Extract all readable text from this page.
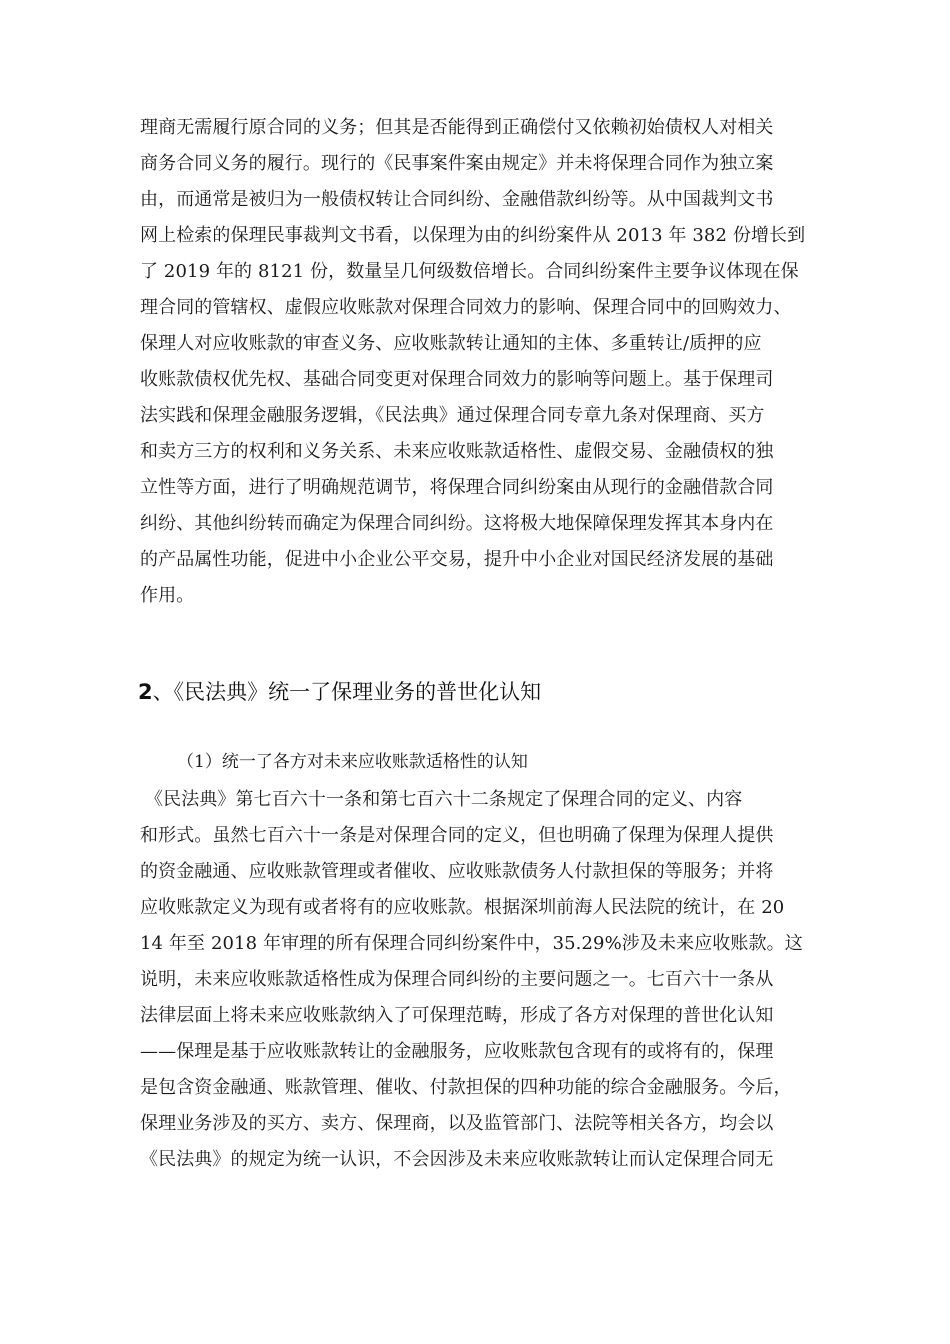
理商无需履行原合同的义务；但其是否能得到正确偿付又依赖初始债权人对相关
商务合同义务的履行。现行的《民事案件案由规定》并未将保理合同作为独立案
由，而通常是被归为一般债权转让合同纠纷、金融借款纠纷等。从中国裁判文书
网上检索的保理民事裁判文书看，以保理为由的纠纷案件从 2013 年 382 份增长到
了 2019 年的 8121 份，数量呈几何级数倍增长。合同纠纷案件主要争议体现在保
理合同的管辖权、虚假应收账款对保理合同效力的影响、保理合同中的回购效力、
保理人对应收账款的审查义务、应收账款转让通知的主体、多重转让/质押的应
收账款债权优先权、基础合同变更对保理合同效力的影响等问题上。基于保理司
法实践和保理金融服务逻辑，《民法典》通过保理合同专章九条对保理商、买方
和卖方三方的权利和义务关系、未来应收账款适格性、虚假交易、金融债权的独
立性等方面，进行了明确规范调节，将保理合同纠纷案由从现行的金融借款合同
纠纷、其他纠纷转而确定为保理合同纠纷。这将极大地保障保理发挥其本身内在
的产品属性功能，促进中小企业公平交易，提升中小企业对国民经济发展的基础
作用。
2、《民法典》统一了保理业务的普世化认知
（1）统一了各方对未来应收账款适格性的认知
《民法典》第七百六十一条和第七百六十二条规定了保理合同的定义、内容
和形式。虽然七百六十一条是对保理合同的定义，但也明确了保理为保理人提供
的资金融通、应收账款管理或者催收、应收账款债务人付款担保的等服务；并将
应收账款定义为现有或者将有的应收账款。根据深圳前海人民法院的统计，在 20
14 年至 2018 年审理的所有保理合同纠纷案件中，35.29%涉及未来应收账款。这
说明，未来应收账款适格性成为保理合同纠纷的主要问题之一。七百六十一条从
法律层面上将未来应收账款纳入了可保理范畴，形成了各方对保理的普世化认知
——保理是基于应收账款转让的金融服务，应收账款包含现有的或将有的，保理
是包含资金融通、账款管理、催收、付款担保的四种功能的综合金融服务。今后，
保理业务涉及的买方、卖方、保理商，以及监管部门、法院等相关各方，均会以
《民法典》的规定为统一认识，不会因涉及未来应收账款转让而认定保理合同无
